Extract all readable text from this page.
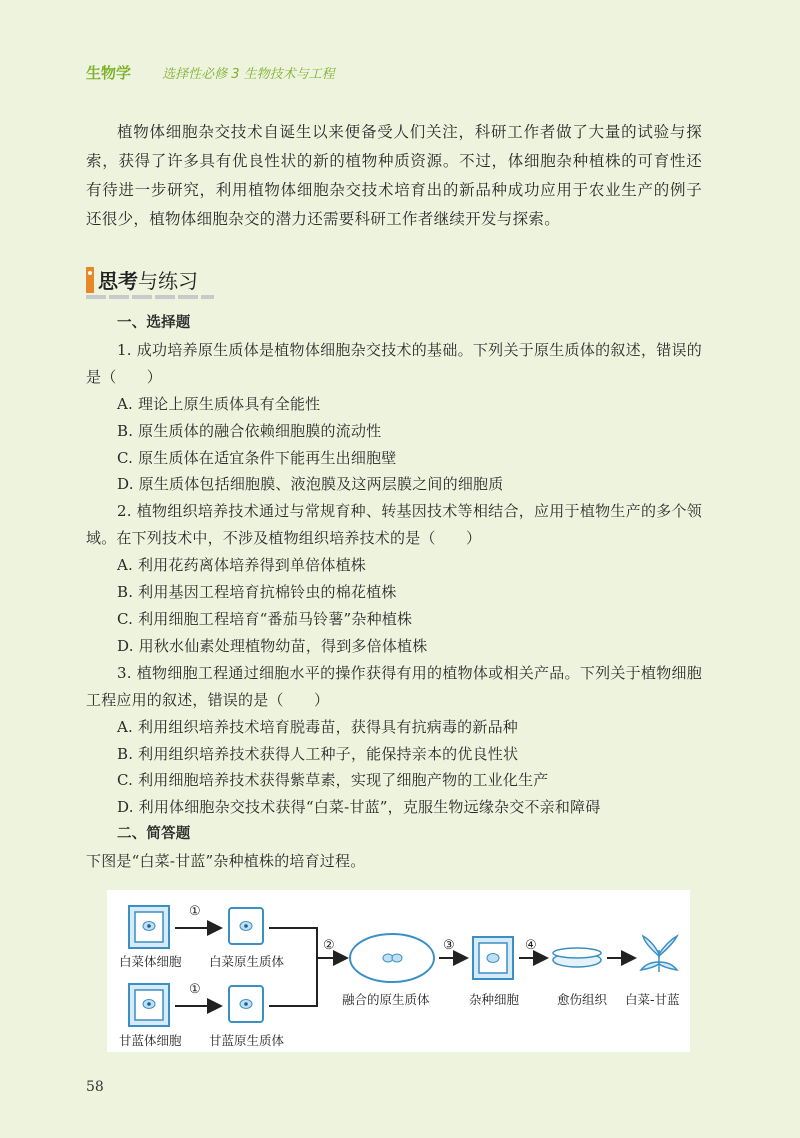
生物学 选择性必修 3 生物技术与工程
植物体细胞杂交技术自诞生以来便备受人们关注，科研工作者做了大量的试验与探索，获得了许多具有优良性状的新的植物种质资源。不过，体细胞杂种植株的可育性还有待进一步研究，利用植物体细胞杂交技术培育出的新品种成功应用于农业生产的例子还很少，植物体细胞杂交的潜力还需要科研工作者继续开发与探索。
思考与练习
一、选择题
1. 成功培养原生质体是植物体细胞杂交技术的基础。下列关于原生质体的叙述，错误的是（　　）
A. 理论上原生质体具有全能性
B. 原生质体的融合依赖细胞膜的流动性
C. 原生质体在适宜条件下能再生出细胞壁
D. 原生质体包括细胞膜、液泡膜及这两层膜之间的细胞质
2. 植物组织培养技术通过与常规育种、转基因技术等相结合，应用于植物生产的多个领域。在下列技术中，不涉及植物组织培养技术的是（　　）
A. 利用花药离体培养得到单倍体植株
B. 利用基因工程培育抗棉铃虫的棉花植株
C. 利用细胞工程培育“番茄马铃薯”杂种植株
D. 用秋水仙素处理植物幼苗，得到多倍体植株
3. 植物细胞工程通过细胞水平的操作获得有用的植物体或相关产品。下列关于植物细胞工程应用的叙述，错误的是（　　）
A. 利用组织培养技术培育脱毒苗，获得具有抗病毒的新品种
B. 利用组织培养技术获得人工种子，能保持亲本的优良性状
C. 利用细胞培养技术获得紫草素，实现了细胞产物的工业化生产
D. 利用体细胞杂交技术获得“白菜-甘蓝”，克服生物远缘杂交不亲和障碍
二、简答题
下图是“白菜-甘蓝”杂种植株的培育过程。
①
①
②	③	④
白菜体细胞 白菜原生质体
甘蓝体细胞 甘蓝原生质体
融合的原生质体	杂种细胞	愈伤组织 白菜-甘蓝
58
